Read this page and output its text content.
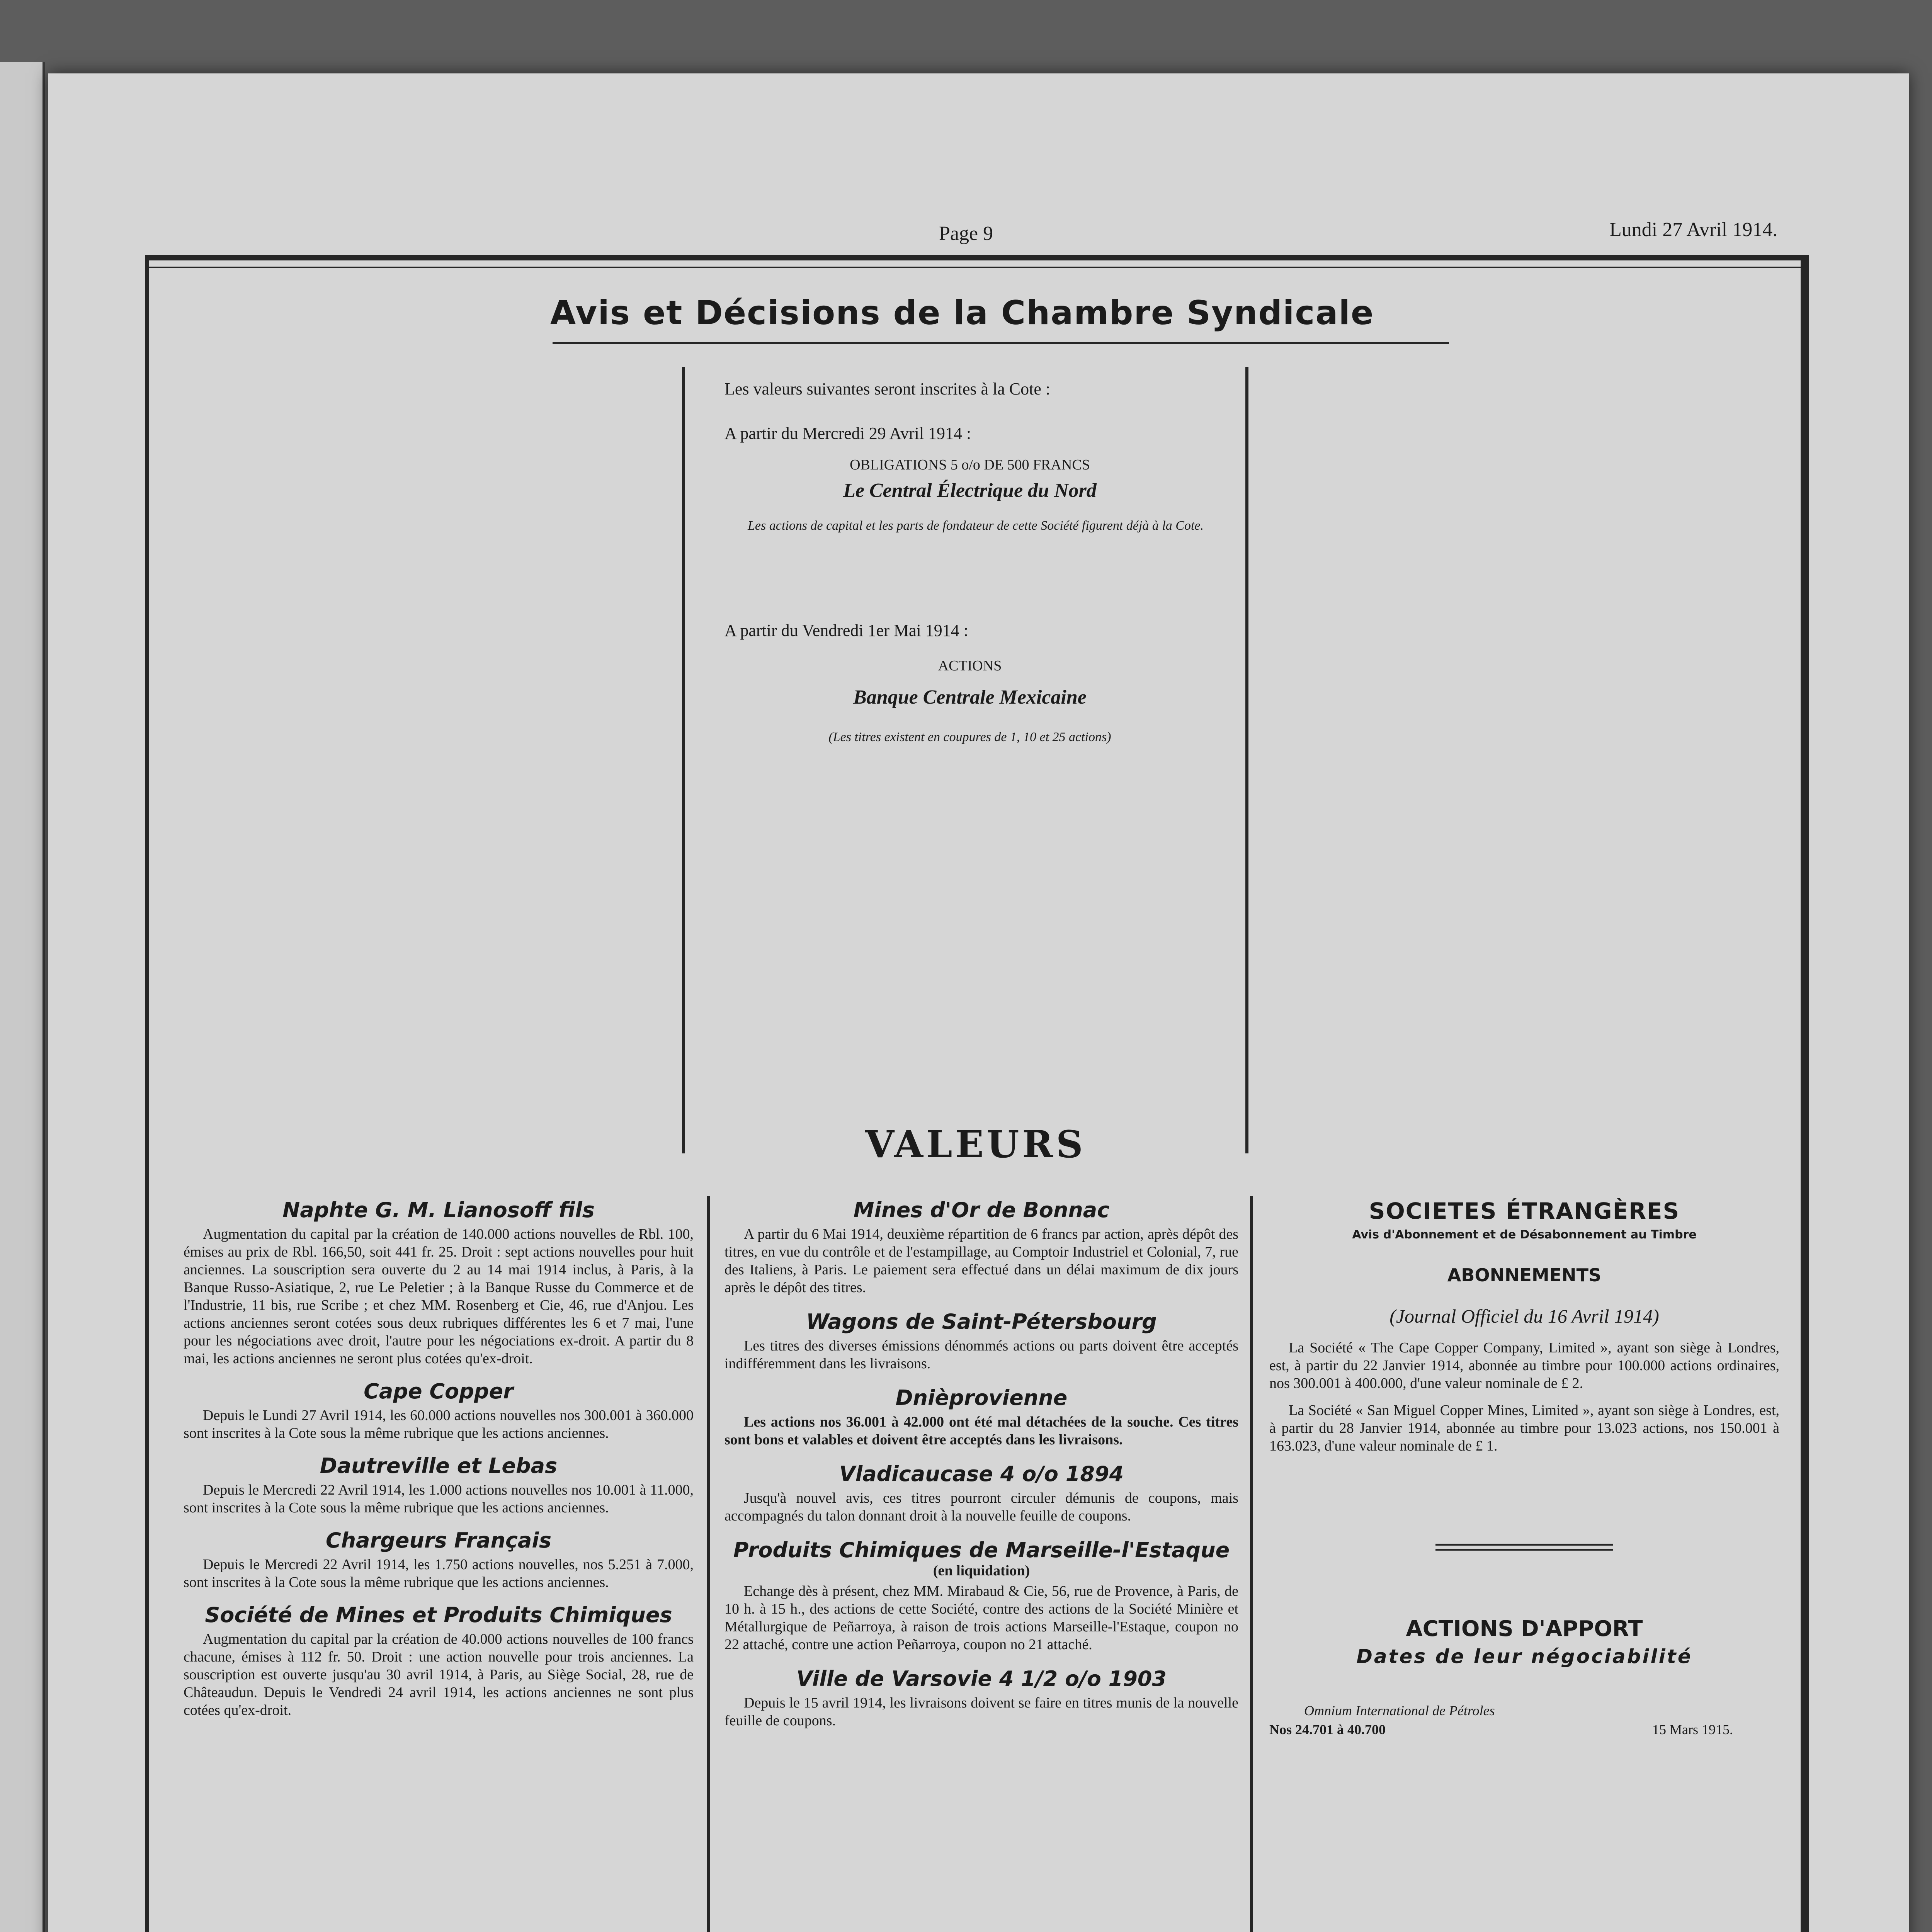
Page 9	Lundi 27 Avril 1914.
Avis et Décisions de la Chambre Syndicale
Les valeurs suivantes seront inscrites à la Cote :
A partir du Mercredi 29 Avril 1914 :
OBLIGATIONS 5 o/o DE 500 FRANCS
Le Central Électrique du Nord
Les actions de capital et les parts de fondateur de cette Société figurent déjà à la Cote.
A partir du Vendredi 1er Mai 1914 :
ACTIONS
Banque Centrale Mexicaine
(Les titres existent en coupures de 1, 10 et 25 actions)
VALEURS
Naphte G. M. Lianosoff fils
Augmentation du capital par la création de 140.000 actions nouvelles de Rbl. 100, émises au prix de Rbl. 166,50, soit 441 fr. 25. Droit : sept actions nouvelles pour huit anciennes. La souscription sera ouverte du 2 au 14 mai 1914 inclus, à Paris, à la Banque Russo-Asiatique, 2, rue Le Peletier ; à la Banque Russe du Commerce et de l'Industrie, 11 bis, rue Scribe ; et chez MM. Rosenberg et Cie, 46, rue d'Anjou. Les actions anciennes seront cotées sous deux rubriques différentes les 6 et 7 mai, l'une pour les négociations avec droit, l'autre pour les négociations ex-droit. A partir du 8 mai, les actions anciennes ne seront plus cotées qu'ex-droit.
Cape Copper
Depuis le Lundi 27 Avril 1914, les 60.000 actions nouvelles nos 300.001 à 360.000 sont inscrites à la Cote sous la même rubrique que les actions anciennes.
Dautreville et Lebas
Depuis le Mercredi 22 Avril 1914, les 1.000 actions nouvelles nos 10.001 à 11.000, sont inscrites à la Cote sous la même rubrique que les actions anciennes.
Chargeurs Français
Depuis le Mercredi 22 Avril 1914, les 1.750 actions nouvelles, nos 5.251 à 7.000, sont inscrites à la Cote sous la même rubrique que les actions anciennes.
Société de Mines et Produits Chimiques
Augmentation du capital par la création de 40.000 actions nouvelles de 100 francs chacune, émises à 112 fr. 50. Droit : une action nouvelle pour trois anciennes. La souscription est ouverte jusqu'au 30 avril 1914, à Paris, au Siège Social, 28, rue de Châteaudun. Depuis le Vendredi 24 avril 1914, les actions anciennes ne sont plus cotées qu'ex-droit.
Mines d'Or de Bonnac
A partir du 6 Mai 1914, deuxième répartition de 6 francs par action, après dépôt des titres, en vue du contrôle et de l'estampillage, au Comptoir Industriel et Colonial, 7, rue des Italiens, à Paris. Le paiement sera effectué dans un délai maximum de dix jours après le dépôt des titres.
Wagons de Saint-Pétersbourg
Les titres des diverses émissions dénommés actions ou parts doivent être acceptés indifféremment dans les livraisons.
Dnièprovienne
Les actions nos 36.001 à 42.000 ont été mal détachées de la souche. Ces titres sont bons et valables et doivent être acceptés dans les livraisons.
Vladicaucase 4 o/o 1894
Jusqu'à nouvel avis, ces titres pourront circuler démunis de coupons, mais accompagnés du talon donnant droit à la nouvelle feuille de coupons.
Produits Chimiques de Marseille-l'Estaque
(en liquidation)
Echange dès à présent, chez MM. Mirabaud & Cie, 56, rue de Provence, à Paris, de 10 h. à 15 h., des actions de cette Société, contre des actions de la Société Minière et Métallurgique de Peñarroya, à raison de trois actions Marseille-l'Estaque, coupon no 22 attaché, contre une action Peñarroya, coupon no 21 attaché.
Ville de Varsovie 4 1/2 o/o 1903
Depuis le 15 avril 1914, les livraisons doivent se faire en titres munis de la nouvelle feuille de coupons.
SOCIETES ÉTRANGÈRES
Avis d'Abonnement et de Désabonnement au Timbre
ABONNEMENTS
(Journal Officiel du 16 Avril 1914)
La Société « The Cape Copper Company, Limited », ayant son siège à Londres, est, à partir du 22 Janvier 1914, abonnée au timbre pour 100.000 actions ordinaires, nos 300.001 à 400.000, d'une valeur nominale de £ 2.
La Société « San Miguel Copper Mines, Limited », ayant son siège à Londres, est, à partir du 28 Janvier 1914, abonnée au timbre pour 13.023 actions, nos 150.001 à 163.023, d'une valeur nominale de £ 1.
ACTIONS D'APPORT
Dates de leur négociabilité
Omnium International de Pétroles
Nos 24.701 à 40.700	15 Mars 1915.
